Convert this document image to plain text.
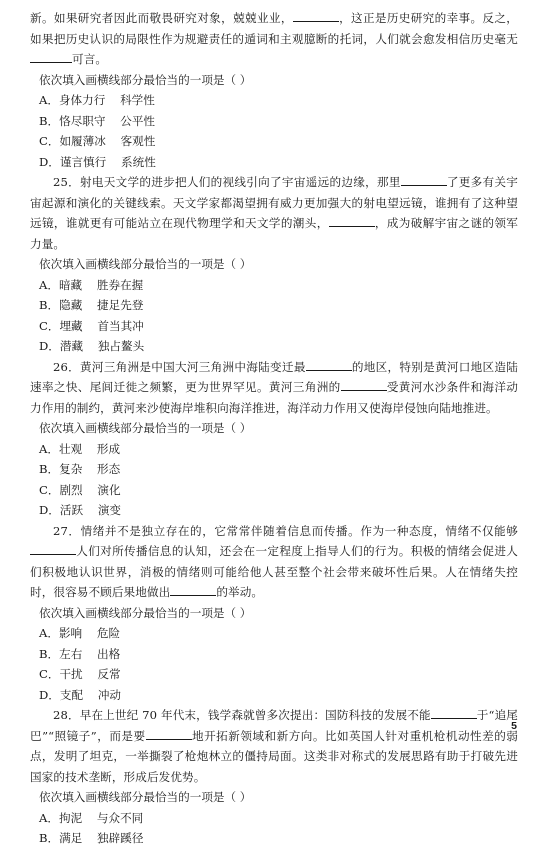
新。如果研究者因此而敬畏研究对象，兢兢业业，	，这正是历史研究的幸事。反之，如果把历史认识的局限性作为规避责任的遁词和主观臆断的托词，人们就会愈发相信历史毫无可言。

依次填入画横线部分最恰当的一项是（ ）

A．身体力行    科学性

B．恪尽职守    公平性

C．如履薄冰    客观性

D．谨言慎行    系统性

25．射电天文学的进步把人们的视线引向了宇宙遥远的边缘，那里	了更多有关宇宙起源和演化的关键线索。天文学家都渴望拥有威力更加强大的射电望远镜，谁拥有了这种望远镜，谁就更有可能站立在现代物理学和天文学的潮头，	，成为破解宇宙之谜的领军力量。

依次填入画横线部分最恰当的一项是（ ）

A．暗藏    胜券在握

B．隐藏    捷足先登

C．埋藏    首当其冲

D．潜藏    独占鳌头

26．黄河三角洲是中国大河三角洲中海陆变迁最	的地区，特别是黄河口地区造陆速率之快、尾闾迁徙之频繁，更为世界罕见。黄河三角洲的	受黄河水沙条件和海洋动力作用的制约，黄河来沙使海岸堆积向海洋推进，海洋动力作用又使海岸侵蚀向陆地推进。

依次填入画横线部分最恰当的一项是（ ）

A．壮观    形成

B．复杂    形态

C．剧烈    演化

D．活跃    演变

27．情绪并不是独立存在的，它常常伴随着信息而传播。作为一种态度，情绪不仅能够人们对所传播信息的认知，还会在一定程度上指导人们的行为。积极的情绪会促进人们积极地认识世界，消极的情绪则可能给他人甚至整个社会带来破坏性后果。人在情绪失控时，很容易不顾后果地做出	的举动。

依次填入画横线部分最恰当的一项是（ ）

A．影响    危险

B．左右    出格

C．干扰    反常

D．支配    冲动

28．早在上世纪 70 年代末，钱学森就曾多次提出：国防科技的发展不能	于“追尾巴”“照镜子”，而是要	地开拓新领域和新方向。比如英国人针对重机枪机动性差的弱点，发明了坦克，一举撕裂了枪炮林立的僵持局面。这类非对称式的发展思路有助于打破先进国家的技术垄断，形成后发优势。

依次填入画横线部分最恰当的一项是（ ）

A．拘泥    与众不同

B．满足    独辟蹊径

5
